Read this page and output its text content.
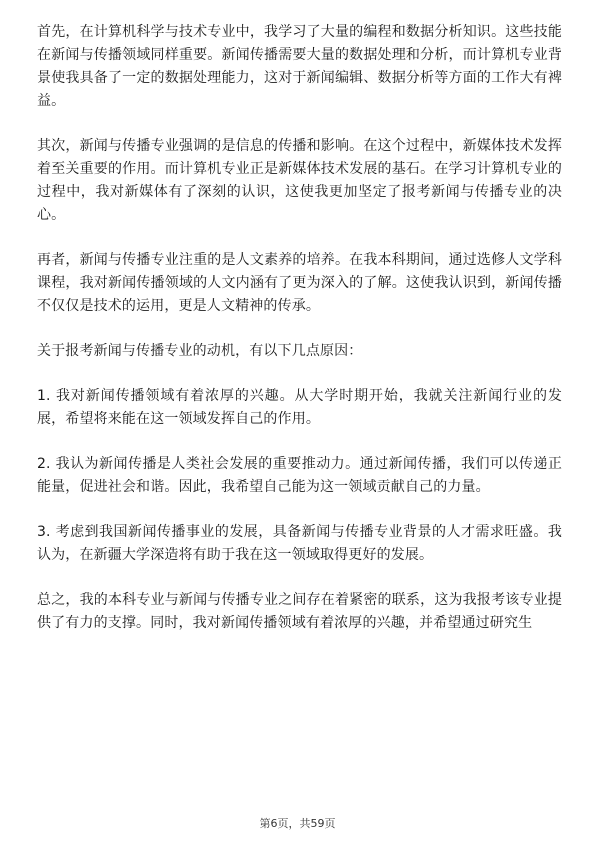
首先，在计算机科学与技术专业中，我学习了大量的编程和数据分析知识。这些技能在新闻与传播领域同样重要。新闻传播需要大量的数据处理和分析，而计算机专业背景使我具备了一定的数据处理能力，这对于新闻编辑、数据分析等方面的工作大有裨益。

其次，新闻与传播专业强调的是信息的传播和影响。在这个过程中，新媒体技术发挥着至关重要的作用。而计算机专业正是新媒体技术发展的基石。在学习计算机专业的过程中，我对新媒体有了深刻的认识，这使我更加坚定了报考新闻与传播专业的决心。

再者，新闻与传播专业注重的是人文素养的培养。在我本科期间，通过选修人文学科课程，我对新闻传播领域的人文内涵有了更为深入的了解。这使我认识到，新闻传播不仅仅是技术的运用，更是人文精神的传承。

关于报考新闻与传播专业的动机，有以下几点原因：

1. 我对新闻传播领域有着浓厚的兴趣。从大学时期开始，我就关注新闻行业的发展，希望将来能在这一领域发挥自己的作用。

2. 我认为新闻传播是人类社会发展的重要推动力。通过新闻传播，我们可以传递正能量，促进社会和谐。因此，我希望自己能为这一领域贡献自己的力量。

3. 考虑到我国新闻传播事业的发展，具备新闻与传播专业背景的人才需求旺盛。我认为，在新疆大学深造将有助于我在这一领域取得更好的发展。

总之，我的本科专业与新闻与传播专业之间存在着紧密的联系，这为我报考该专业提供了有力的支撑。同时，我对新闻传播领域有着浓厚的兴趣，并希望通过研究生

第6页，共59页
